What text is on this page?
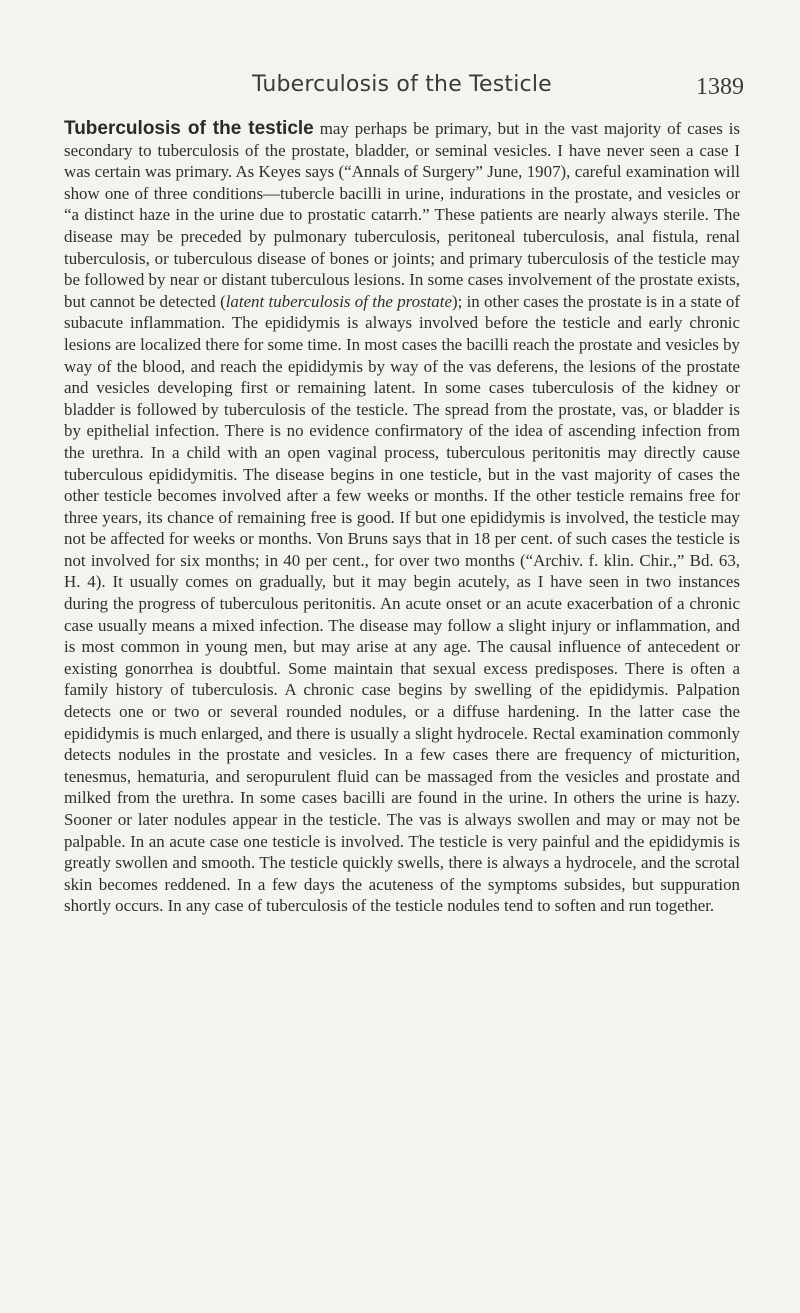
Tuberculosis of the Testicle	1389

Tuberculosis of the testicle may perhaps be primary, but in the vast majority of cases is secondary to tuberculosis of the prostate, bladder, or seminal vesicles. I have never seen a case I was certain was primary. As Keyes says (“Annals of Surgery” June, 1907), careful examination will show one of three conditions—tubercle bacilli in urine, indurations in the prostate, and vesicles or “a distinct haze in the urine due to prostatic catarrh.” These patients are nearly always sterile. The disease may be preceded by pulmonary tuberculosis, peritoneal tuberculosis, anal fistula, renal tuberculosis, or tuberculous disease of bones or joints; and primary tuberculosis of the testicle may be followed by near or distant tuberculous lesions. In some cases involvement of the prostate exists, but cannot be detected (latent tuberculosis of the prostate); in other cases the prostate is in a state of subacute inflammation. The epididymis is always involved before the testicle and early chronic lesions are localized there for some time. In most cases the bacilli reach the prostate and vesicles by way of the blood, and reach the epididymis by way of the vas deferens, the lesions of the prostate and vesicles developing first or remaining latent. In some cases tuberculosis of the kidney or bladder is followed by tuberculosis of the testicle. The spread from the prostate, vas, or bladder is by epithelial infection. There is no evidence confirmatory of the idea of ascending infection from the urethra. In a child with an open vaginal process, tuberculous peritonitis may directly cause tuberculous epididymitis. The disease begins in one testicle, but in the vast majority of cases the other testicle becomes involved after a few weeks or months. If the other testicle remains free for three years, its chance of remaining free is good. If but one epididymis is involved, the testicle may not be affected for weeks or months. Von Bruns says that in 18 per cent. of such cases the testicle is not involved for six months; in 40 per cent., for over two months (“Archiv. f. klin. Chir.,” Bd. 63, H. 4). It usually comes on gradually, but it may begin acutely, as I have seen in two instances during the progress of tuberculous peritonitis. An acute onset or an acute exacerbation of a chronic case usually means a mixed infection. The disease may follow a slight injury or inflammation, and is most common in young men, but may arise at any age. The causal influence of antecedent or existing gonorrhea is doubtful. Some maintain that sexual excess predisposes. There is often a family history of tuberculosis. A chronic case begins by swelling of the epididymis. Palpation detects one or two or several rounded nodules, or a diffuse hardening. In the latter case the epididymis is much enlarged, and there is usually a slight hydrocele. Rectal examination commonly detects nodules in the prostate and vesicles. In a few cases there are frequency of micturition, tenesmus, hematuria, and seropurulent fluid can be massaged from the vesicles and prostate and milked from the urethra. In some cases bacilli are found in the urine. In others the urine is hazy. Sooner or later nodules appear in the testicle. The vas is always swollen and may or may not be palpable. In an acute case one testicle is involved. The testicle is very painful and the epididymis is greatly swollen and smooth. The testicle quickly swells, there is always a hydrocele, and the scrotal skin becomes reddened. In a few days the acuteness of the symptoms subsides, but suppuration shortly occurs. In any case of tuberculosis of the testicle nodules tend to soften and run together.
